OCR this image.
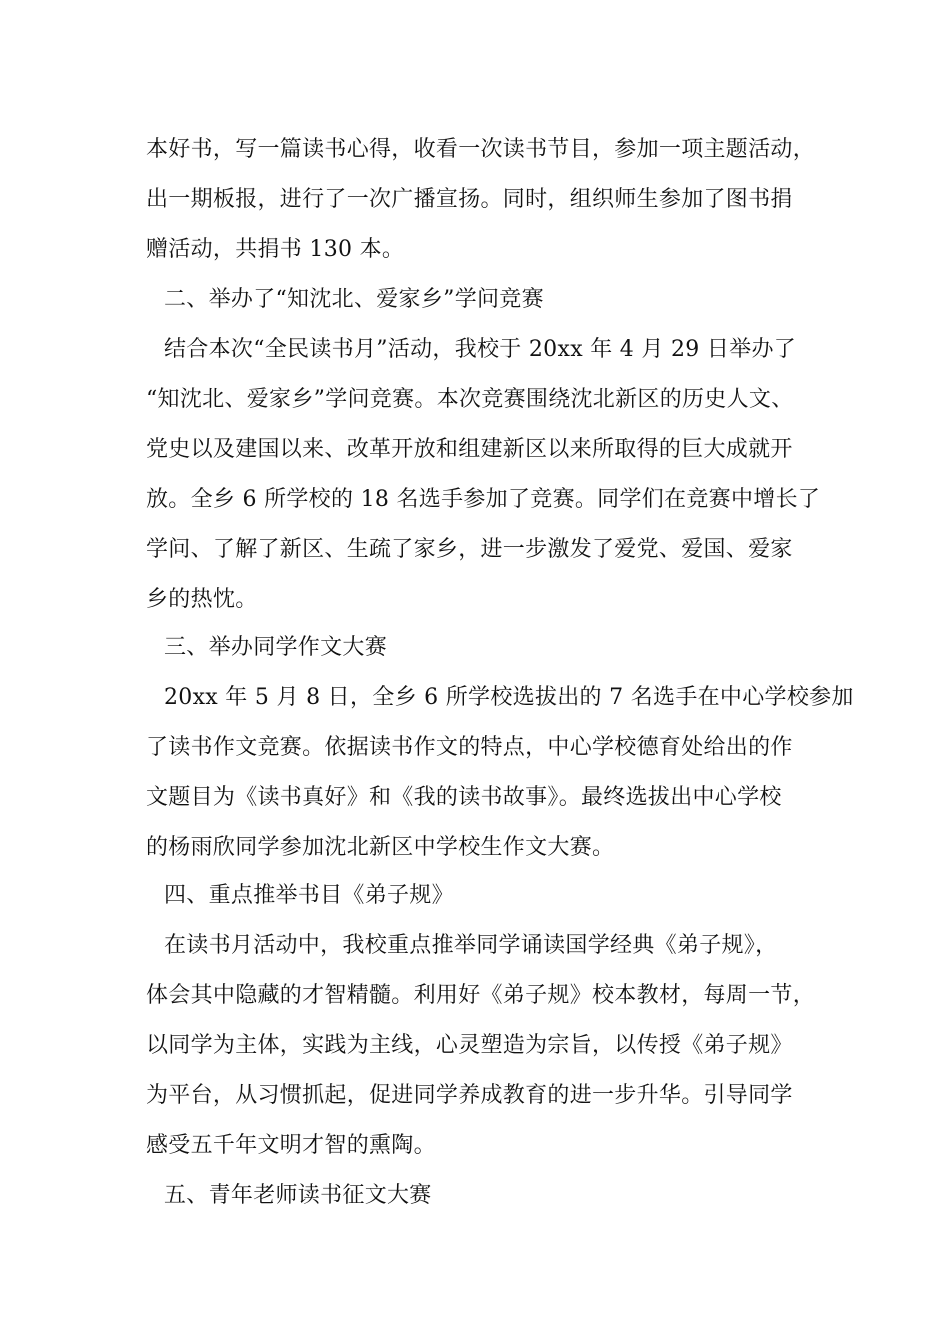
本好书，写一篇读书心得，收看一次读书节目，参加一项主题活动，
出一期板报，进行了一次广播宣扬。同时，组织师生参加了图书捐
赠活动，共捐书 130 本。
二、举办了“知沈北、爱家乡”学问竞赛
结合本次“全民读书月”活动，我校于 20xx 年 4 月 29 日举办了
“知沈北、爱家乡”学问竞赛。本次竞赛围绕沈北新区的历史人文、
党史以及建国以来、改革开放和组建新区以来所取得的巨大成就开
放。全乡 6 所学校的 18 名选手参加了竞赛。同学们在竞赛中增长了
学问、了解了新区、生疏了家乡，进一步激发了爱党、爱国、爱家
乡的热忱。
三、举办同学作文大赛
20xx 年 5 月 8 日，全乡 6 所学校选拔出的 7 名选手在中心学校参加
了读书作文竞赛。依据读书作文的特点，中心学校德育处给出的作
文题目为《读书真好》和《我的读书故事》。最终选拔出中心学校
的杨雨欣同学参加沈北新区中学校生作文大赛。
四、重点推举书目《弟子规》
在读书月活动中，我校重点推举同学诵读国学经典《弟子规》，
体会其中隐藏的才智精髓。利用好《弟子规》校本教材，每周一节，
以同学为主体，实践为主线，心灵塑造为宗旨，以传授《弟子规》
为平台，从习惯抓起，促进同学养成教育的进一步升华。引导同学
感受五千年文明才智的熏陶。
五、青年老师读书征文大赛
